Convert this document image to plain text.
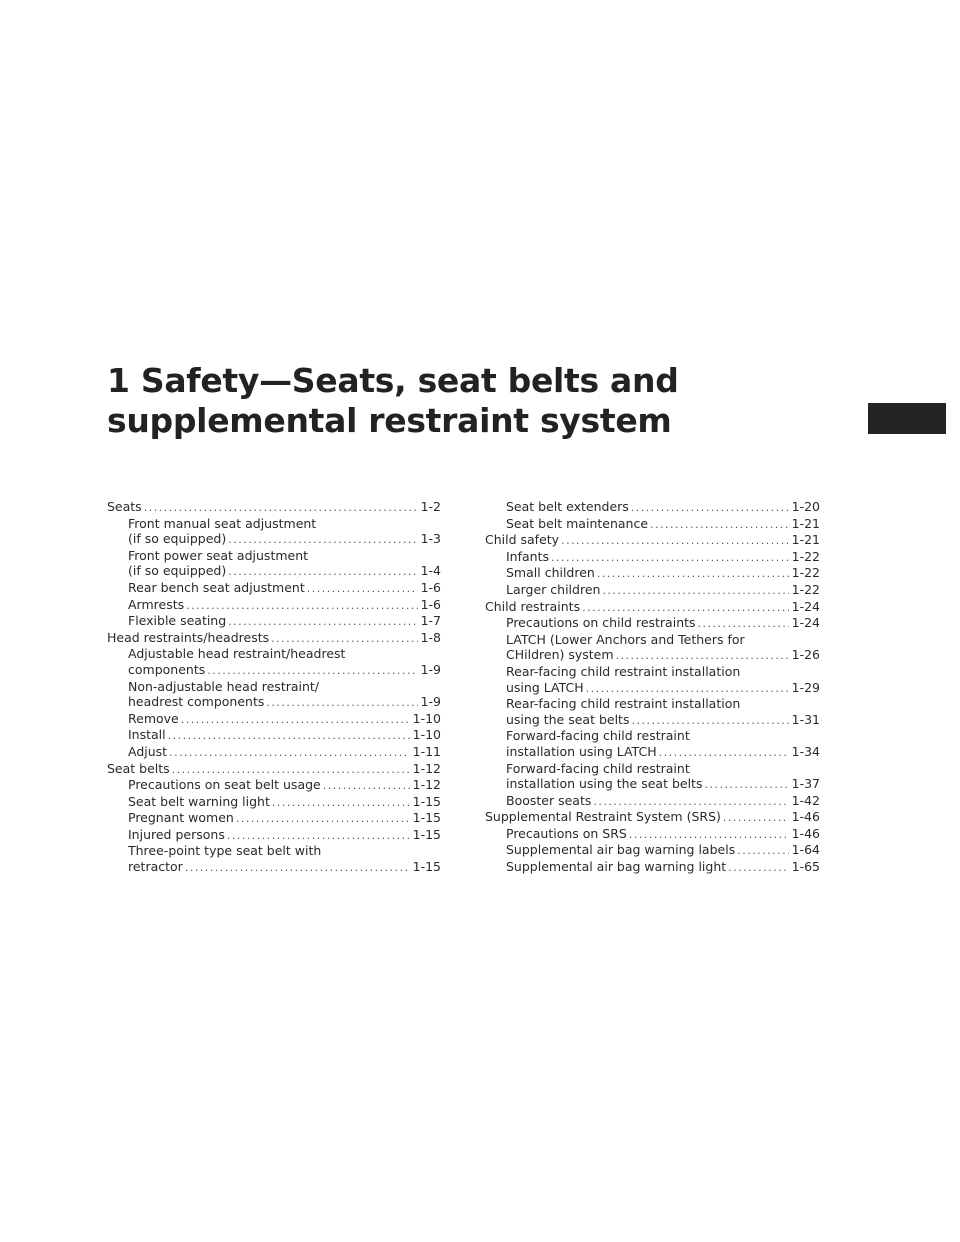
1 Safety—Seats, seat belts and
supplemental restraint system
Seats . . .	1-2
Front manual seat adjustment
(if so equipped) . . .	1-3
Front power seat adjustment
(if so equipped) . . .	1-4
Rear bench seat adjustment . . .	1-6
Armrests . . .	1-6
Flexible seating . . .	1-7
Head restraints/headrests . . .	1-8
Adjustable head restraint/headrest
components . . .	1-9
Non-adjustable head restraint/
headrest components . . .	1-9
Remove . . .	1-10
Install . . .	1-10
Adjust . . .	1-11
Seat belts . . .	1-12
Precautions on seat belt usage . . .	1-12
Seat belt warning light . . .	1-15
Pregnant women . . .	1-15
Injured persons . . .	1-15
Three-point type seat belt with
retractor . . .	1-15
Seat belt extenders . . .	1-20
Seat belt maintenance . . .	1-21
Child safety . . .	1-21
Infants . . .	1-22
Small children . . .	1-22
Larger children . . .	1-22
Child restraints . . .	1-24
Precautions on child restraints . . .	1-24
LATCH (Lower Anchors and Tethers for
CHildren) system . . .	1-26
Rear-facing child restraint installation
using LATCH . . .	1-29
Rear-facing child restraint installation
using the seat belts . . .	1-31
Forward-facing child restraint
installation using LATCH . . .	1-34
Forward-facing child restraint
installation using the seat belts . . .	1-37
Booster seats . . .	1-42
Supplemental Restraint System (SRS) . . .	1-46
Precautions on SRS . . .	1-46
Supplemental air bag warning labels . . .	1-64
Supplemental air bag warning light . . .	1-65
